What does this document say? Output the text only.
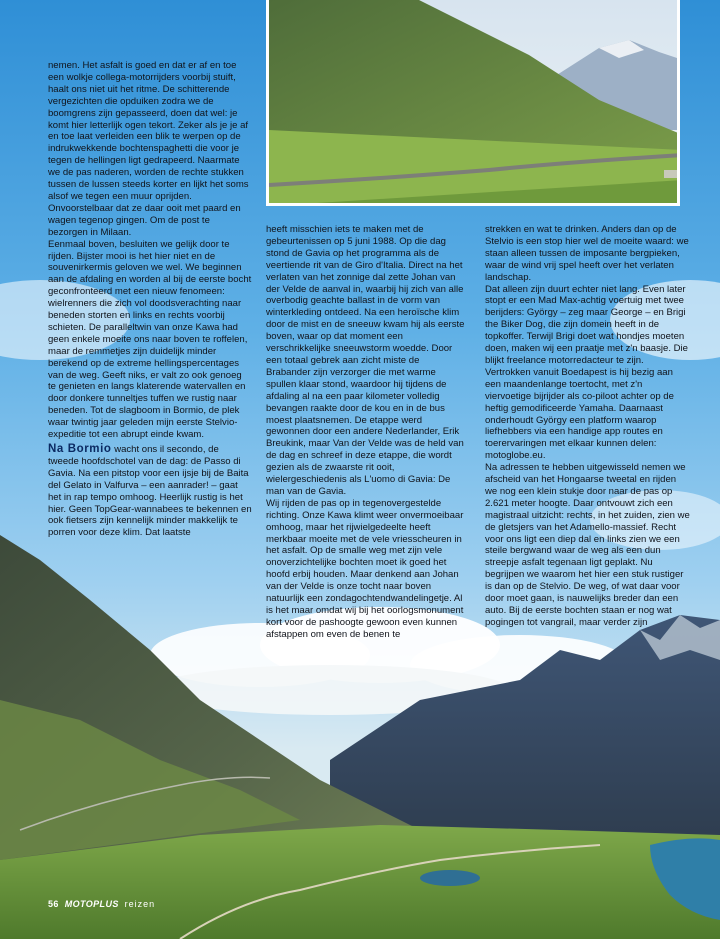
nemen. Het asfalt is goed en dat er af en toe een wolkje collega-motorrijders voorbij stuift, haalt ons niet uit het ritme. De schitterende vergezichten die opduiken zodra we de boomgrens zijn gepasseerd, doen dat wel: je komt hier letterlijk ogen tekort. Zeker als je je af en toe laat verleiden een blik te werpen op de indrukwekkende bochtenspaghetti die voor je tegen de hellingen ligt gedrapeerd. Naarmate we de pas naderen, worden de rechte stukken tussen de lussen steeds korter en lijkt het soms alsof we tegen een muur oprijden. Onvoorstelbaar dat ze daar ooit met paard en wagen tegenop gingen. Om de post te bezorgen in Milaan.

Eenmaal boven, besluiten we gelijk door te rijden. Bijster mooi is het hier niet en de souvenirkermis geloven we wel. We beginnen aan de afdaling en worden al bij de eerste bocht geconfronteerd met een nieuw fenomeen: wielrenners die zich vol doodsverachting naar beneden storten en links en rechts voorbij schieten. De paralleltwin van onze Kawa had geen enkele moeite ons naar boven te roffelen, maar de remmetjes zijn duidelijk minder berekend op de extreme hellingspercentages van de weg. Geeft niks, er valt zo ook genoeg te genieten en langs klaterende watervallen en door donkere tunneltjes tuffen we rustig naar beneden. Tot de slagboom in Bormio, de plek waar twintig jaar geleden mijn eerste Stelvio-expeditie tot een abrupt einde kwam.

Na Bormio wacht ons il secondo, de tweede hoofdschotel van de dag: de Passo di Gavia. Na een pitstop voor een ijsje bij de Baita del Gelato in Valfurva – een aanrader! – gaat het in rap tempo omhoog. Heerlijk rustig is het hier. Geen TopGear-wannabees te bekennen en ook fietsers zijn kennelijk minder makkelijk te porren voor deze klim. Dat laatste

heeft misschien iets te maken met de gebeurtenissen op 5 juni 1988. Op die dag stond de Gavia op het programma als de veertiende rit van de Giro d'Italia. Direct na het verlaten van het zonnige dal zette Johan van der Velde de aanval in, waarbij hij zich van alle overbodig geachte ballast in de vorm van winterkleding ontdeed. Na een heroïsche klim door de mist en de sneeuw kwam hij als eerste boven, waar op dat moment een verschrikkelijke sneeuwstorm woedde. Door een totaal gebrek aan zicht miste de Brabander zijn verzorger die met warme spullen klaar stond, waardoor hij tijdens de afdaling al na een paar kilometer volledig bevangen raakte door de kou en in de bus moest plaatsnemen. De etappe werd gewonnen door een andere Nederlander, Erik Breukink, maar Van der Velde was de held van de dag en schreef in deze etappe, die wordt gezien als de zwaarste rit ooit, wielergeschiedenis als L'uomo di Gavia: De man van de Gavia.

Wij rijden de pas op in tegenovergestelde richting. Onze Kawa klimt weer onvermoeibaar omhoog, maar het rijwielgedeelte heeft merkbaar moeite met de vele vriesscheuren in het asfalt. Op de smalle weg met zijn vele onoverzichtelijke bochten moet ik goed het hoofd erbij houden. Maar denkend aan Johan van der Velde is onze tocht naar boven natuurlijk een zondagochtendwandelingetje. Al is het maar omdat wij bij het oorlogsmonument kort voor de pashoogte gewoon even kunnen afstappen om even de benen te

strekken en wat te drinken. Anders dan op de Stelvio is een stop hier wel de moeite waard: we staan alleen tussen de imposante bergpieken, waar de wind vrij spel heeft over het verlaten landschap.

Dat alleen zijn duurt echter niet lang. Even later stopt er een Mad Max-achtig voertuig met twee berijders: György – zeg maar George – en Brigi the Biker Dog, die zijn domein heeft in de topkoffer. Terwijl Brigi doet wat hondjes moeten doen, maken wij een praatje met z'n baasje. Die blijkt freelance motorredacteur te zijn. Vertrokken vanuit Boedapest is hij bezig aan een maandenlange toertocht, met z'n viervoetige bijrijder als co-piloot achter op de heftig gemodificeerde Yamaha. Daarnaast onderhoudt György een platform waarop liefhebbers via een handige app routes en toerervaringen met elkaar kunnen delen: motoglobe.eu.

Na adressen te hebben uitgewisseld nemen we afscheid van het Hongaarse tweetal en rijden we nog een klein stukje door naar de pas op 2.621 meter hoogte. Daar ontvouwt zich een magistraal uitzicht: rechts, in het zuiden, zien we de gletsjers van het Adamello-massief. Recht voor ons ligt een diep dal en links zien we een steile bergwand waar de weg als een dun streepje asfalt tegenaan ligt geplakt. Nu begrijpen we waarom het hier een stuk rustiger is dan op de Stelvio. De weg, of wat daar voor door moet gaan, is nauwelijks breder dan een auto. Bij de eerste bochten staan er nog wat pogingen tot vangrail, maar verder zijn

56 MOTOPLUS reizen
